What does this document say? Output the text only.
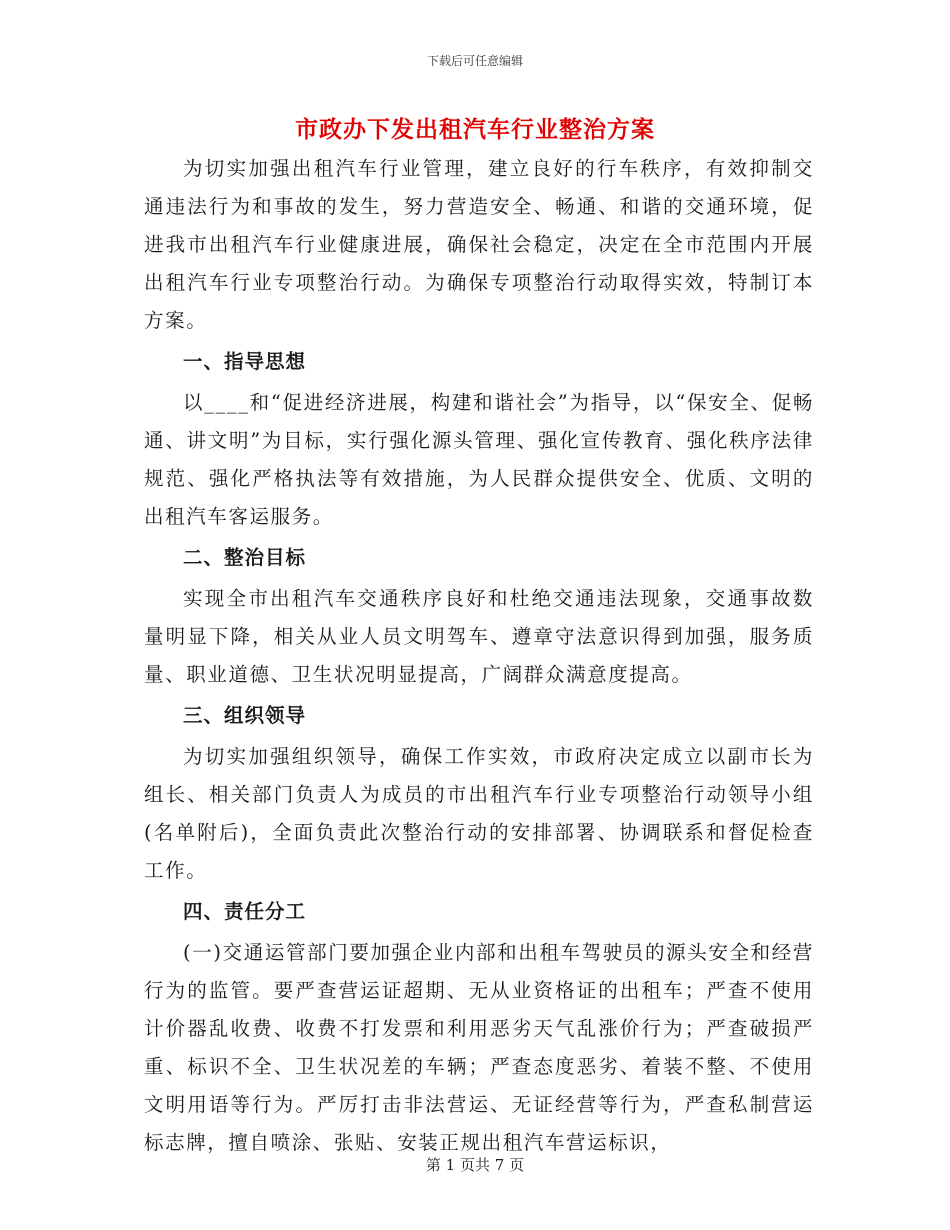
下载后可任意编辑
市政办下发出租汽车行业整治方案

为切实加强出租汽车行业管理，建立良好的行车秩序，有效抑制交通违法行为和事故的发生，努力营造安全、畅通、和谐的交通环境，促进我市出租汽车行业健康进展，确保社会稳定，决定在全市范围内开展出租汽车行业专项整治行动。为确保专项整治行动取得实效，特制订本方案。

一、指导思想

以____和“促进经济进展，构建和谐社会”为指导，以“保安全、促畅通、讲文明”为目标，实行强化源头管理、强化宣传教育、强化秩序法律规范、强化严格执法等有效措施，为人民群众提供安全、优质、文明的出租汽车客运服务。

二、整治目标

实现全市出租汽车交通秩序良好和杜绝交通违法现象，交通事故数量明显下降，相关从业人员文明驾车、遵章守法意识得到加强，服务质量、职业道德、卫生状况明显提高，广阔群众满意度提高。

三、组织领导

为切实加强组织领导，确保工作实效，市政府决定成立以副市长为组长、相关部门负责人为成员的市出租汽车行业专项整治行动领导小组(名单附后)，全面负责此次整治行动的安排部署、协调联系和督促检查工作。

四、责任分工

(一)交通运管部门要加强企业内部和出租车驾驶员的源头安全和经营行为的监管。要严查营运证超期、无从业资格证的出租车；严查不使用计价器乱收费、收费不打发票和利用恶劣天气乱涨价行为；严查破损严重、标识不全、卫生状况差的车辆；严查态度恶劣、着装不整、不使用文明用语等行为。严厉打击非法营运、无证经营等行为，严查私制营运标志牌，擅自喷涂、张贴、安装正规出租汽车营运标识，

第 1 页共 7 页
